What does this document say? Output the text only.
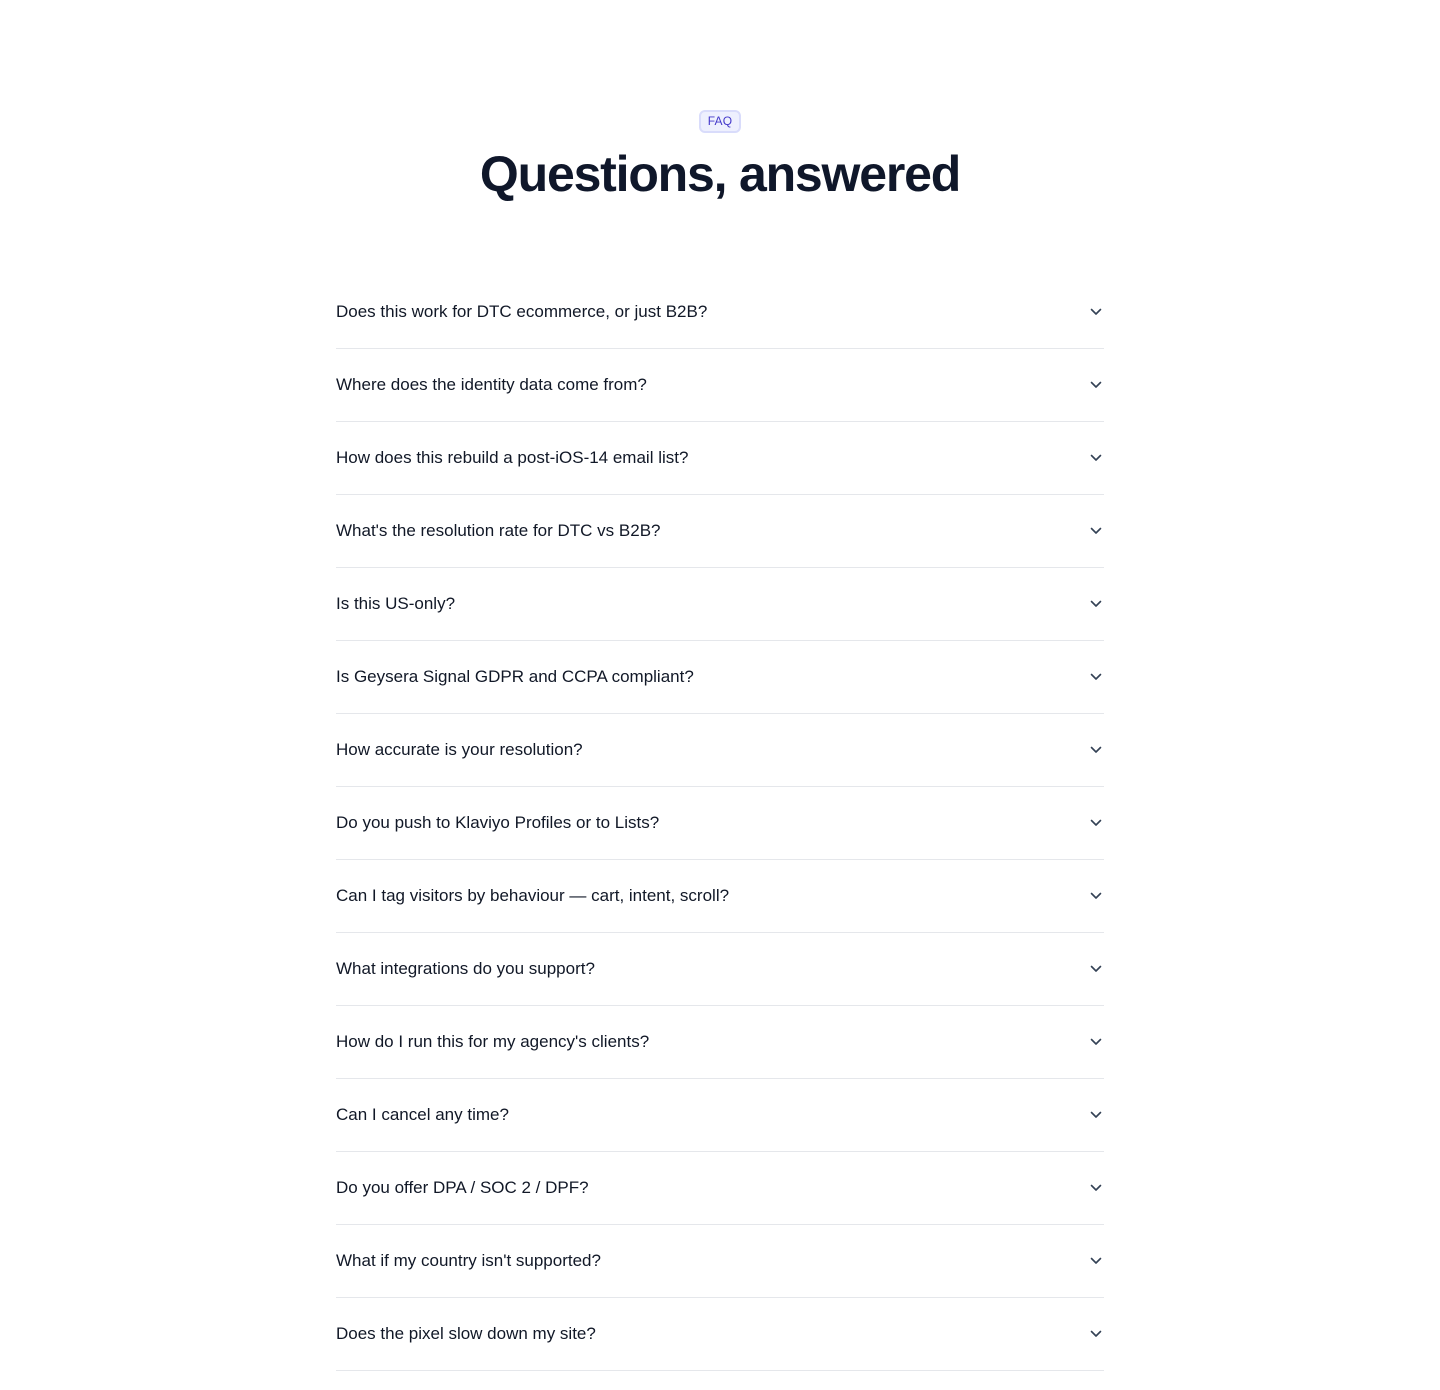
FAQ
Questions, answered
Does this work for DTC ecommerce, or just B2B?
Where does the identity data come from?
How does this rebuild a post-iOS-14 email list?
What's the resolution rate for DTC vs B2B?
Is this US-only?
Is Geysera Signal GDPR and CCPA compliant?
How accurate is your resolution?
Do you push to Klaviyo Profiles or to Lists?
Can I tag visitors by behaviour — cart, intent, scroll?
What integrations do you support?
How do I run this for my agency's clients?
Can I cancel any time?
Do you offer DPA / SOC 2 / DPF?
What if my country isn't supported?
Does the pixel slow down my site?
